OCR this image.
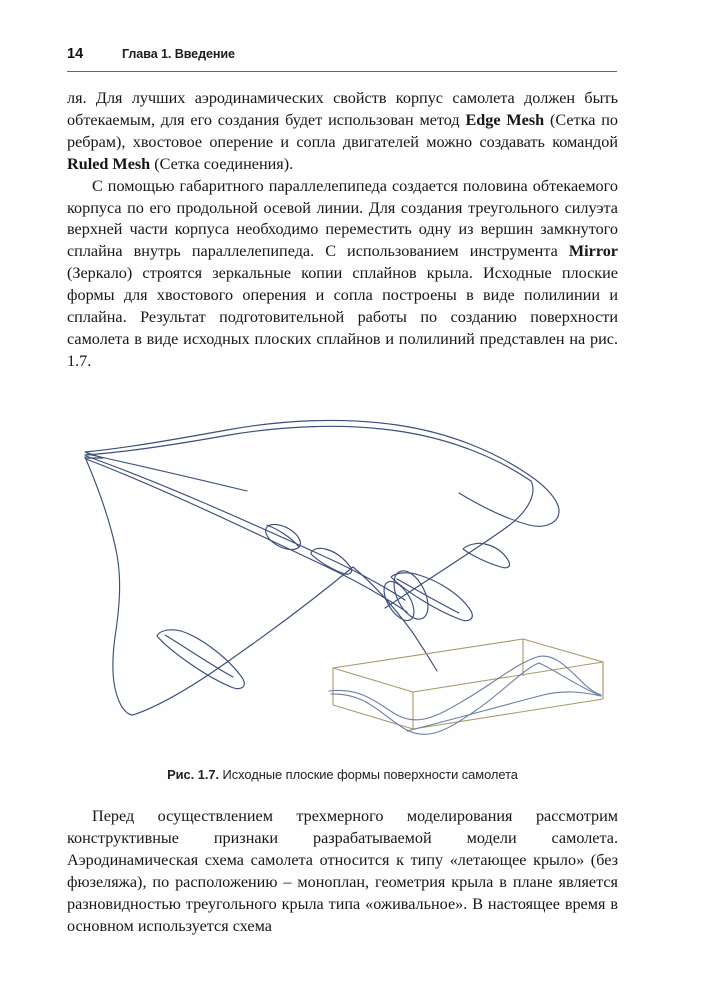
14	Глава 1. Введение

ля. Для лучших аэродинамических свойств корпус самолета должен быть обтекаемым, для его создания будет использован метод Edge Mesh (Сетка по ребрам), хвостовое оперение и сопла двигателей можно создавать командой Ruled Mesh (Сетка соединения).

С помощью габаритного параллелепипеда создается половина обтекаемого корпуса по его продольной осевой линии. Для создания треугольного силуэта верхней части корпуса необходимо переместить одну из вершин замкнутого сплайна внутрь параллелепипеда. С использованием инструмента Mirror (Зеркало) строятся зеркальные копии сплайнов крыла. Исходные плоские формы для хвостового оперения и сопла построены в виде полилинии и сплайна. Результат подготовительной работы по созданию поверхности самолета в виде исходных плоских сплайнов и полилиний представлен на рис. 1.7.

Рис. 1.7. Исходные плоские формы поверхности самолета

Перед осуществлением трехмерного моделирования рассмотрим конструктивные признаки разрабатываемой модели самолета. Аэродинамическая схема самолета относится к типу «летающее крыло» (без фюзеляжа), по расположению – моноплан, геометрия крыла в плане является разновидностью треугольного крыла типа «оживальное». В настоящее время в основном используется схема
